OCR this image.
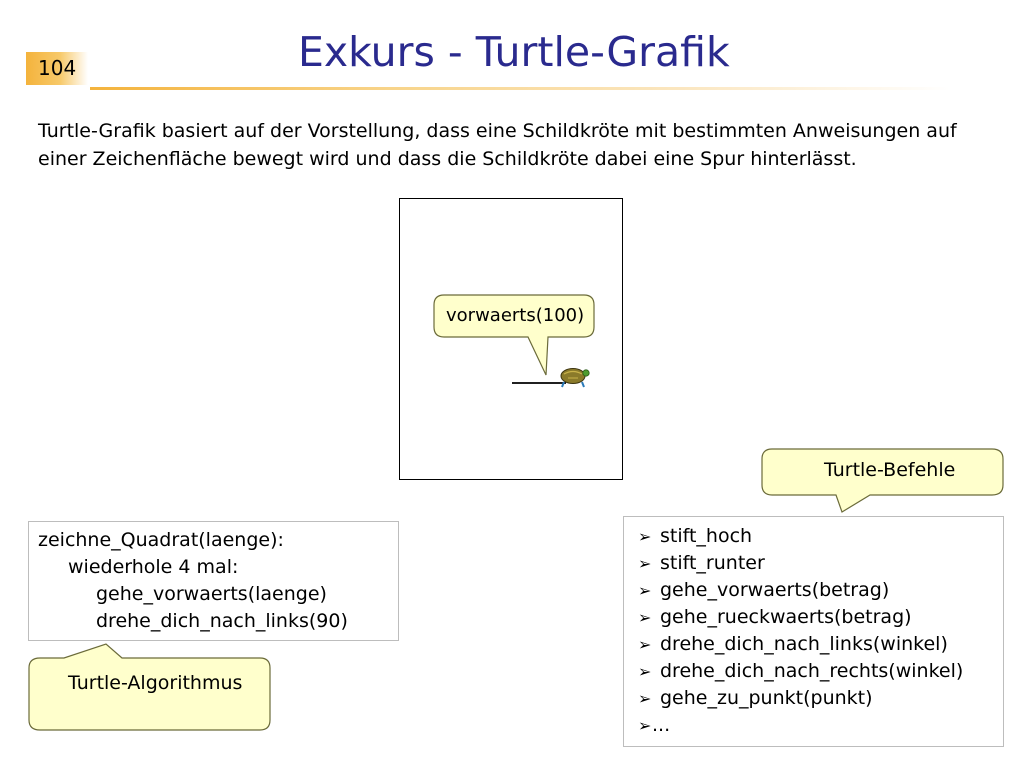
104	Exkurs - Turtle-Grafik
Turtle-Grafik basiert auf der Vorstellung, dass eine Schildkröte mit bestimmten Anweisungen auf einer Zeichenfläche bewegt wird und dass die Schildkröte dabei eine Spur hinterlässt.
vorwaerts(100)
Turtle-Befehle
zeichne_Quadrat(laenge):
wiederhole 4 mal:
gehe_vorwaerts(laenge)
drehe_dich_nach_links(90)
Turtle-Algorithmus
➢ stift_hoch
➢ stift_runter
➢ gehe_vorwaerts(betrag)
➢ gehe_rueckwaerts(betrag)
➢ drehe_dich_nach_links(winkel)
➢ drehe_dich_nach_rechts(winkel)
➢ gehe_zu_punkt(punkt)
➢...
